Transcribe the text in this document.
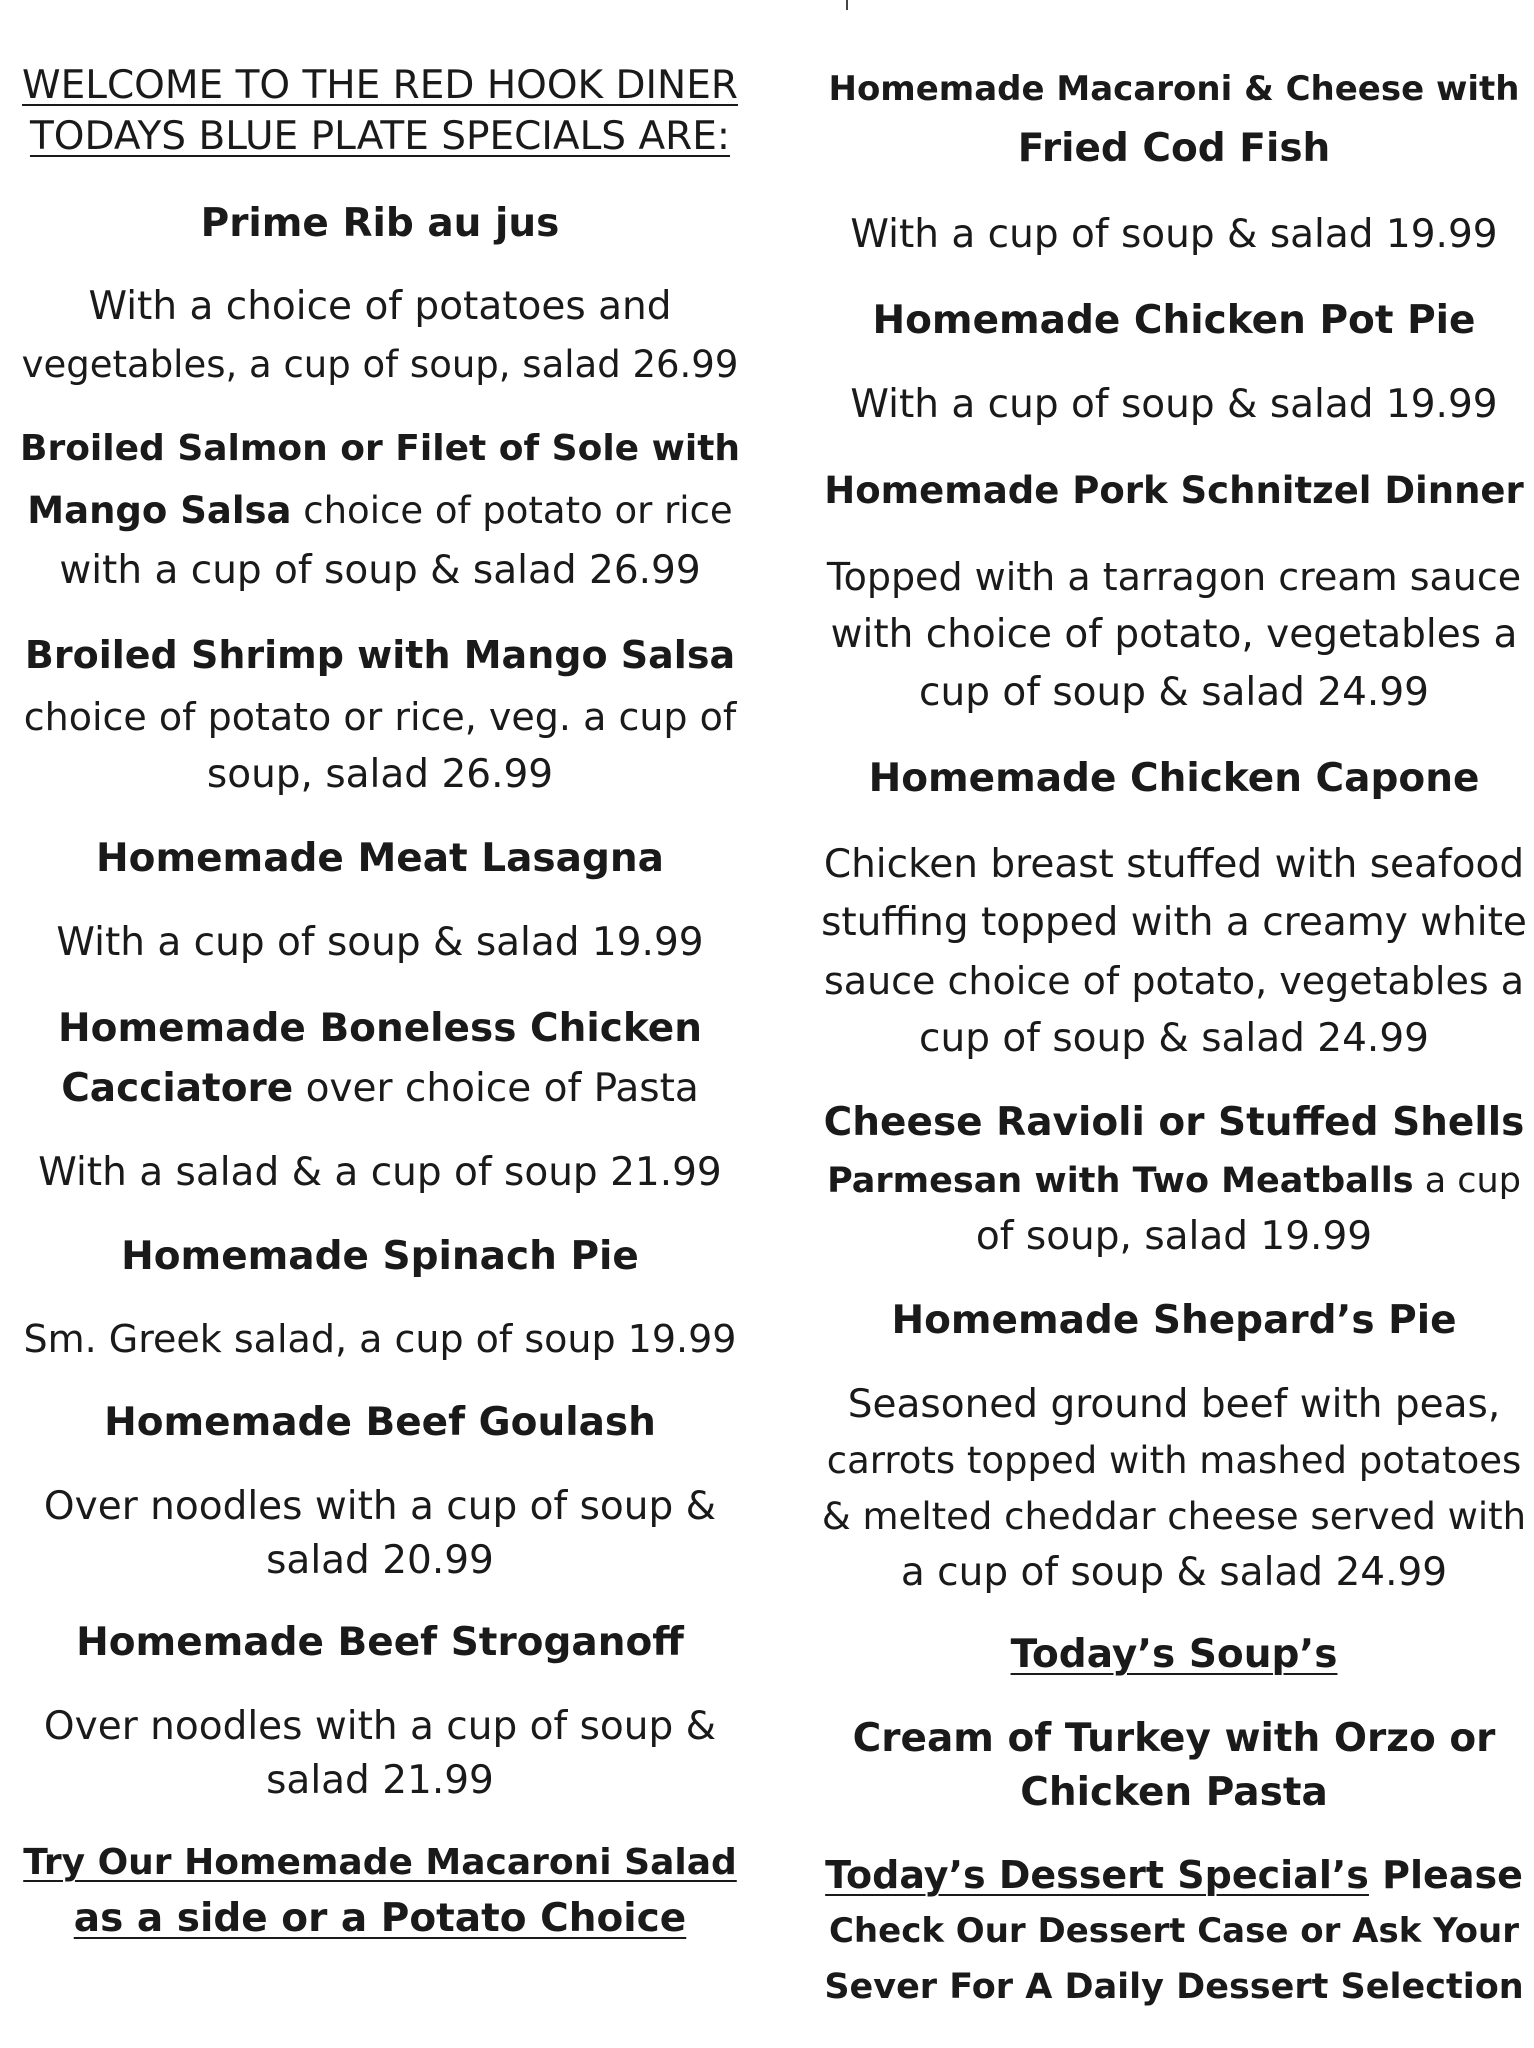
WELCOME TO THE RED HOOK DINER
TODAYS BLUE PLATE SPECIALS ARE:
Prime Rib au jus
With a choice of potatoes and
vegetables, a cup of soup, salad 26.99
Broiled Salmon or Filet of Sole with
Mango Salsa choice of potato or rice
with a cup of soup & salad 26.99
Broiled Shrimp with Mango Salsa
choice of potato or rice, veg. a cup of
soup, salad 26.99
Homemade Meat Lasagna
With a cup of soup & salad 19.99
Homemade Boneless Chicken
Cacciatore over choice of Pasta
With a salad & a cup of soup 21.99
Homemade Spinach Pie
Sm. Greek salad, a cup of soup 19.99
Homemade Beef Goulash
Over noodles with a cup of soup &
salad 20.99
Homemade Beef Stroganoff
Over noodles with a cup of soup &
salad 21.99
Try Our Homemade Macaroni Salad
as a side or a Potato Choice
Homemade Macaroni & Cheese with
Fried Cod Fish
With a cup of soup & salad 19.99
Homemade Chicken Pot Pie
With a cup of soup & salad 19.99
Homemade Pork Schnitzel Dinner
Topped with a tarragon cream sauce
with choice of potato, vegetables a
cup of soup & salad 24.99
Homemade Chicken Capone
Chicken breast stuffed with seafood
stuffing topped with a creamy white
sauce choice of potato, vegetables a
cup of soup & salad 24.99
Cheese Ravioli or Stuffed Shells
Parmesan with Two Meatballs a cup
of soup, salad 19.99
Homemade Shepard’s Pie
Seasoned ground beef with peas,
carrots topped with mashed potatoes
& melted cheddar cheese served with
a cup of soup & salad 24.99
Today’s Soup’s
Cream of Turkey with Orzo or
Chicken Pasta
Today’s Dessert Special’s Please
Check Our Dessert Case or Ask Your
Sever For A Daily Dessert Selection
